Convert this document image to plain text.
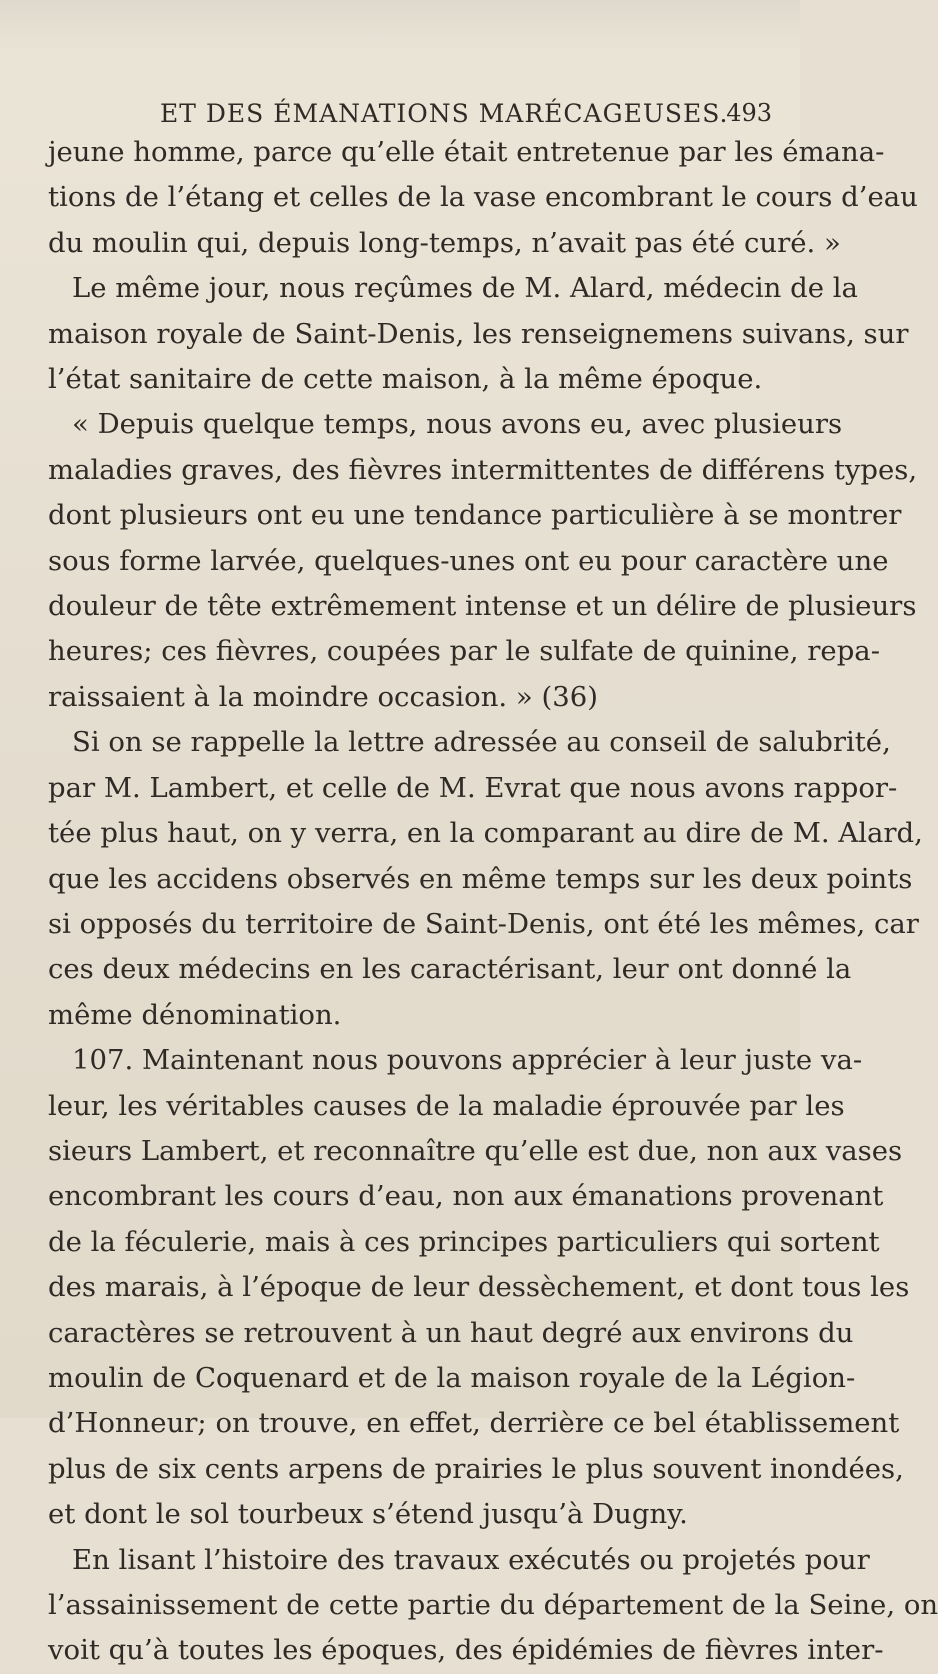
ET DES ÉMANATIONS MARÉCAGEUSES.
493
jeune homme, parce qu’elle était entretenue par les émana-
tions de l’étang et celles de la vase encombrant le cours d’eau
du moulin qui, depuis long-temps, n’avait pas été curé. »
Le même jour, nous reçûmes de M. Alard, médecin de la
maison royale de Saint-Denis, les renseignemens suivans, sur
l’état sanitaire de cette maison, à la même époque.
« Depuis quelque temps, nous avons eu, avec plusieurs
maladies graves, des fièvres intermittentes de différens types,
dont plusieurs ont eu une tendance particulière à se montrer
sous forme larvée, quelques-unes ont eu pour caractère une
douleur de tête extrêmement intense et un délire de plusieurs
heures; ces fièvres, coupées par le sulfate de quinine, repa-
raissaient à la moindre occasion. » (36)
Si on se rappelle la lettre adressée au conseil de salubrité,
par M. Lambert, et celle de M. Evrat que nous avons rappor-
tée plus haut, on y verra, en la comparant au dire de M. Alard,
que les accidens observés en même temps sur les deux points
si opposés du territoire de Saint-Denis, ont été les mêmes, car
ces deux médecins en les caractérisant, leur ont donné la
même dénomination.
107. Maintenant nous pouvons apprécier à leur juste va-
leur, les véritables causes de la maladie éprouvée par les
sieurs Lambert, et reconnaître qu’elle est due, non aux vases
encombrant les cours d’eau, non aux émanations provenant
de la féculerie, mais à ces principes particuliers qui sortent
des marais, à l’époque de leur dessèchement, et dont tous les
caractères se retrouvent à un haut degré aux environs du
moulin de Coquenard et de la maison royale de la Légion-
d’Honneur; on trouve, en effet, derrière ce bel établissement
plus de six cents arpens de prairies le plus souvent inondées,
et dont le sol tourbeux s’étend jusqu’à Dugny.
En lisant l’histoire des travaux exécutés ou projetés pour
l’assainissement de cette partie du département de la Seine, on
voit qu’à toutes les époques, des épidémies de fièvres inter-
